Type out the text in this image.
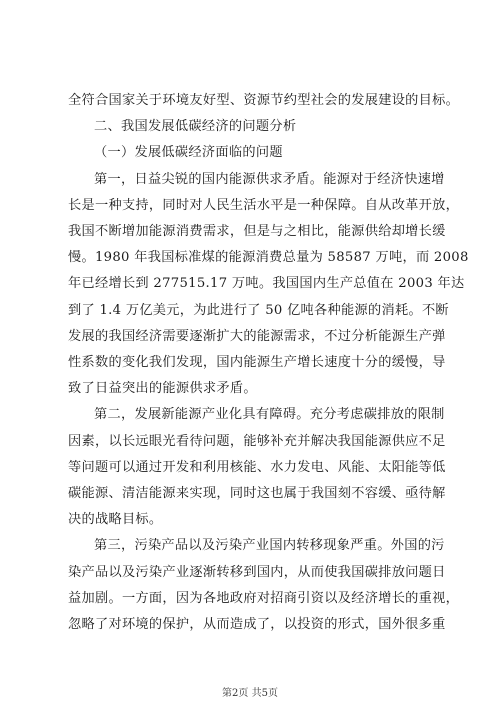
全符合国家关于环境友好型、资源节约型社会的发展建设的目标。
二、我国发展低碳经济的问题分析
（一）发展低碳经济面临的问题
第一，日益尖锐的国内能源供求矛盾。能源对于经济快速增
长是一种支持，同时对人民生活水平是一种保障。自从改革开放，
我国不断增加能源消费需求，但是与之相比，能源供给却增长缓
慢。1980 年我国标准煤的能源消费总量为 58587 万吨，而 2008
年已经增长到 277515.17 万吨。我国国内生产总值在 2003 年达
到了 1.4 万亿美元，为此进行了 50 亿吨各种能源的消耗。不断
发展的我国经济需要逐渐扩大的能源需求，不过分析能源生产弹
性系数的变化我们发现，国内能源生产增长速度十分的缓慢，导
致了日益突出的能源供求矛盾。
第二，发展新能源产业化具有障碍。充分考虑碳排放的限制
因素，以长远眼光看待问题，能够补充并解决我国能源供应不足
等问题可以通过开发和利用核能、水力发电、风能、太阳能等低
碳能源、清洁能源来实现，同时这也属于我国刻不容缓、亟待解
决的战略目标。
第三，污染产品以及污染产业国内转移现象严重。外国的污
染产品以及污染产业逐渐转移到国内，从而使我国碳排放问题日
益加剧。一方面，因为各地政府对招商引资以及经济增长的重视，
忽略了对环境的保护，从而造成了，以投资的形式，国外很多重
第2页 共5页
